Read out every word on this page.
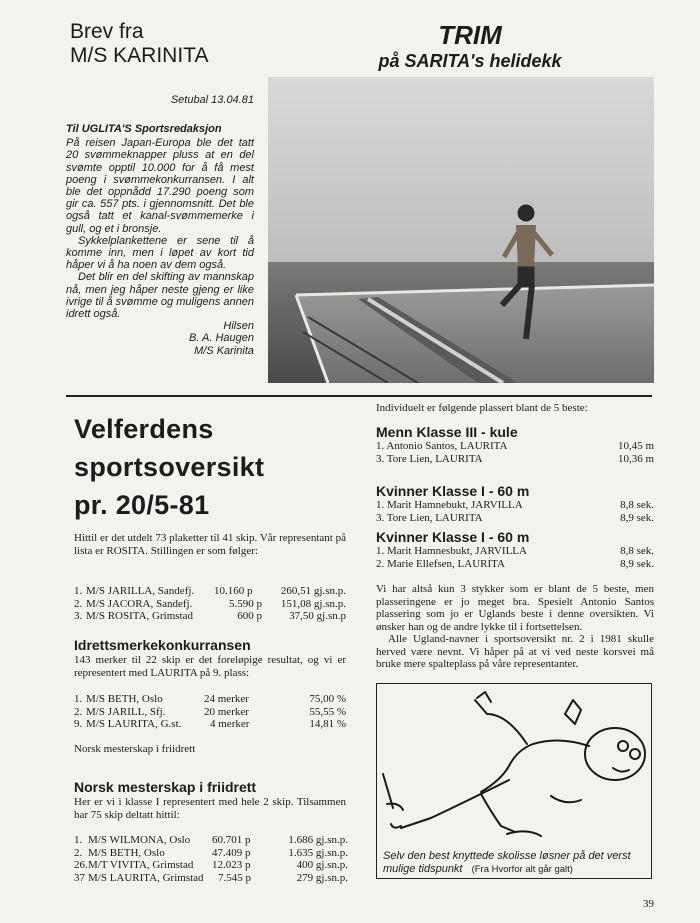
Brev fra
M/S KARINITA
TRIM
på SARITA's helidekk
Setubal 13.04.81
Til UGLITA'S Sportsredaksjon

På reisen Japan-Europa ble det tatt 20 svømmeknapper pluss at en del svømte opptil 10.000 for å få mest poeng i svømmekonkurransen. I alt ble det oppnådd 17.290 poeng som gir ca. 557 pts. i gjennomsnitt. Det ble også tatt et kanal-svømmemerke i gull, og et i bronsje.

Sykkelplankettene er sene til å komme inn, men i løpet av kort tid håper vi å ha noen av dem også.

Det blir en del skifting av mannskap nå, men jeg håper neste gjeng er like ivrige til å svømme og muligens annen idrett også.

Hilsen
B. A. Haugen
M/S Karinita
Velferdens
sportsoversikt
pr. 20/5-81

Hittil er det utdelt 73 plaketter til 41 skip. Vår representant på lista er ROSITA. Stillingen er som følger:

1. M/S JARILLA, Sandefj.	10.160 p	260,51 gj.sn.p.
2. M/S JACORA, Sandefj.	5.590 p	151,08 gj.sn.p.
3. M/S ROSITA, Grimstad	600 p	37,50 gj.sn.p
Idrettsmerkekonkurransen

143 merker til 22 skip er det foreløpige resultat, og vi er representert med LAURITA på 9. plass:

1. M/S BETH, Oslo	24 merker	75,00 %
2. M/S JARILL, Sfj.	20 merker	55,55 %
9. M/S LAURITA, G.st.	4 merker	14,81 %
Norsk mesterskap i friidrett
Norsk mesterskap i friidrett

Her er vi i klasse I representert med hele 2 skip. Tilsammen har 75 skip deltatt hittil:

1. M/S WILMONA, Oslo	60.701 p	1.686 gj.sn.p.
2. M/S BETH, Oslo	47.409 p	1.635 gj.sn.p.
26. M/T VIVITA, Grimstad	12.023 p	400 gj.sn.p.
37 M/S LAURITA, Grimstad	7.545 p	279 gj.sn.p.
Individuelt er følgende plassert blant de 5 beste:
Menn Klasse III - kule
1. Antonio Santos, LAURITA	10,45 m
3. Tore Lien, LAURITA	10,36 m
Kvinner Klasse I - 60 m
1. Marit Hamnebukt, JARVILLA	8,8 sek.
3. Tore Lien, LAURITA	8,9 sek.
Kvinner Klasse I - 60 m
1. Marit Hamnesbukt, JARVILLA	8,8 sek.
2. Marie Ellefsen, LAURITA	8,9 sek.

Vi har altså kun 3 stykker som er blant de 5 beste, men plasseringene er jo meget bra. Spesielt Antonio Santos plassering som jo er Uglands beste i denne oversikten. Vi ønsker han og de andre lykke til i fortsettelsen.

Alle Ugland-navner i sportsoversikt nr. 2 i 1981 skulle herved være nevnt. Vi håper på at vi ved neste korsvei må bruke mere spalteplass på våre representanter.

Selv den best knyttede skolisse løsner på det verst mulige tidspunkt (Fra Hvorfor alt går galt)
39
